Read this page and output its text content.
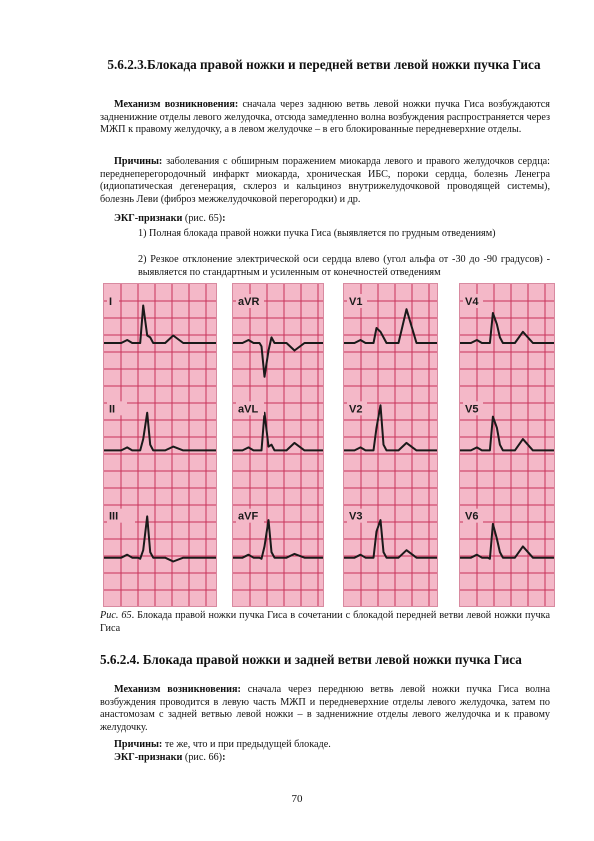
5.6.2.3.Блокада правой ножки и передней ветви левой ножки пучка Гиса
Механизм возникновения: сначала через заднюю ветвь левой ножки пучка Гиса возбуждаются задненижние отделы левого желудочка, отсюда замедленно волна возбуждения распространяется через МЖП к правому желудочку, а в левом желудочке – в его блокированные передневерхние отделы.
Причины: заболевания с обширным поражением миокарда левого и правого желудочков сердца: переднеперегородочный инфаркт миокарда, хроническая ИБС, пороки сердца, болезнь Ленегра (идиопатическая дегенерация, склероз и кальциноз внутрижелудочковой проводящей системы), болезнь Леви (фиброз межжелудочковой перегородки) и др.
ЭКГ-признаки (рис. 65):
1) Полная блокада правой ножки пучка Гиса (выявляется по грудным отведениям)
2) Резкое отклонение электрической оси сердца влево (угол альфа от -30 до -90 градусов) - выявляется по стандартным и усиленным от конечностей отведениям
I
II
III
aVR
aVL
aVF
V1
V2
V3
V4
V5
V6
Рис. 65. Блокада правой ножки пучка Гиса в сочетании с блокадой передней ветви левой ножки пучка Гиса
5.6.2.4. Блокада правой ножки и задней ветви левой ножки пучка Гиса
Механизм возникновения: сначала через переднюю ветвь левой ножки пучка Гиса волна возбуждения проводится в левую часть МЖП и передневерхние отделы левого желудочка, затем по анастомозам с задней ветвью левой ножки – в задненижние отделы левого желудочка и к правому желудочку.
Причины: те же, что и при предыдущей блокаде.
ЭКГ-признаки (рис. 66):
70
